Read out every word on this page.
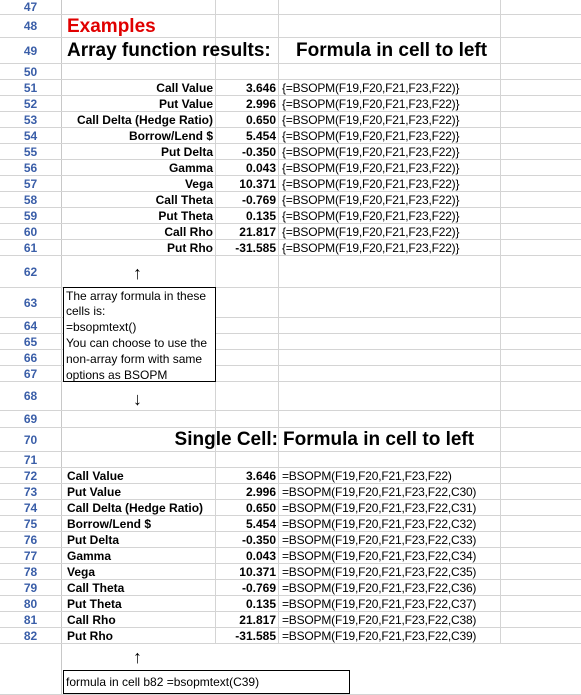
47
48
49
50
51
52
53
54
55
56
57
58
59
60
61
62
63
64
65
66
67
68
69
70
71
72
73
74
75
76
77
78
79
80
81
82
Examples
Array function results: Formula in cell to left
Single Cell: Formula in cell to left
Call Value	3.646 {=BSOPM(F19,F20,F21,F23,F22)}
Put Value	2.996 {=BSOPM(F19,F20,F21,F23,F22)}
Call Delta (Hedge Ratio)	0.650 {=BSOPM(F19,F20,F21,F23,F22)}
Borrow/Lend $	5.454 {=BSOPM(F19,F20,F21,F23,F22)}
Put Delta -0.350 {=BSOPM(F19,F20,F21,F23,F22)}
Gamma	0.043 {=BSOPM(F19,F20,F21,F23,F22)}
Vega 10.371 {=BSOPM(F19,F20,F21,F23,F22)}
Call Theta -0.769 {=BSOPM(F19,F20,F21,F23,F22)}
Put Theta	0.135 {=BSOPM(F19,F20,F21,F23,F22)}
Call Rho 21.817 {=BSOPM(F19,F20,F21,F23,F22)}
Put Rho -31.585 {=BSOPM(F19,F20,F21,F23,F22)}
Call Value	3.646 =BSOPM(F19,F20,F21,F23,F22)
Put Value	2.996 =BSOPM(F19,F20,F21,F23,F22,C30)
Call Delta (Hedge Ratio)	0.650 =BSOPM(F19,F20,F21,F23,F22,C31)
Borrow/Lend $	5.454 =BSOPM(F19,F20,F21,F23,F22,C32)
Put Delta	-0.350 =BSOPM(F19,F20,F21,F23,F22,C33)
Gamma	0.043 =BSOPM(F19,F20,F21,F23,F22,C34)
Vega	10.371 =BSOPM(F19,F20,F21,F23,F22,C35)
Call Theta	-0.769 =BSOPM(F19,F20,F21,F23,F22,C36)
Put Theta	0.135 =BSOPM(F19,F20,F21,F23,F22,C37)
Call Rho	21.817 =BSOPM(F19,F20,F21,F23,F22,C38)
Put Rho	-31.585 =BSOPM(F19,F20,F21,F23,F22,C39)
The array formula in these
cells is:
=bsopmtext()
You can choose to use the
non-array form with same
options as BSOPM
↑
↓
↑
formula in cell b82 =bsopmtext(C39)
